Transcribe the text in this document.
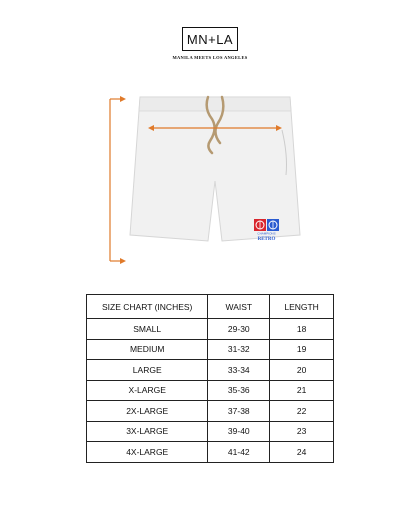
MN+LA
MANILA MEETS LOS ANGELES
CHAMPIONS
RETRO
SIZE CHART (INCHES)	WAIST	LENGTH
SMALL	29-30	18
MEDIUM	31-32	19
LARGE	33-34	20
X-LARGE	35-36	21
2X-LARGE	37-38	22
3X-LARGE	39-40	23
4X-LARGE	41-42	24
